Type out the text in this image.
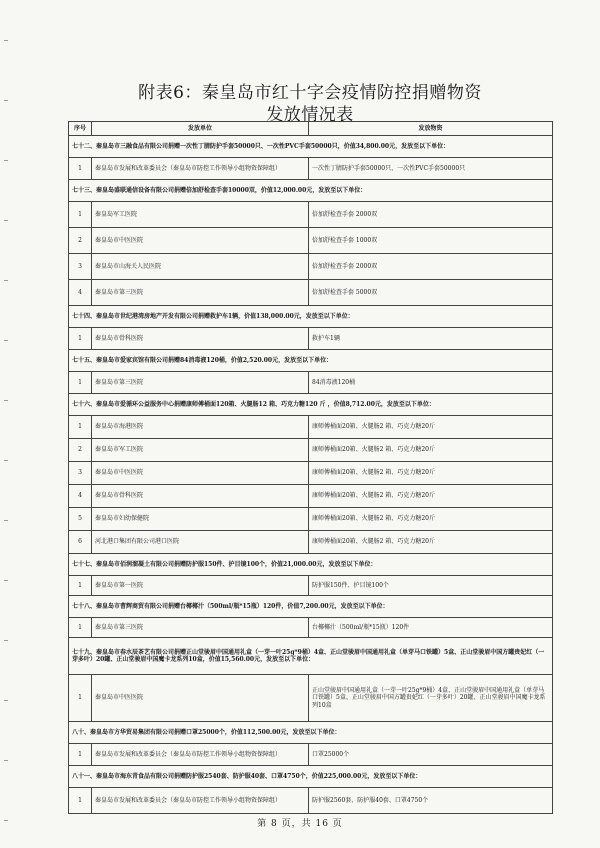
附表6：秦皇岛市红十字会疫情防控捐赠物资
发放情况表
序号	发放单位	发放物资
七十二、秦皇岛市三融食品有限公司捐赠一次性丁腈防护手套50000只、一次性PVC手套50000只，价值34,800.00元，发放至以下单位：		
1	秦皇岛市发展和改革委员会（秦皇岛市防控工作领导小组物资保障组）	一次性丁腈防护手套50000只、一次性PVC手套50000只
七十三、秦皇岛盛联通信设备有限公司捐赠倍加舒检查手套10000双，价值12,000.00元，发放至以下单位：		
1	秦皇岛军工医院	倍加舒检查手套 2000双
2	秦皇岛市中医医院	倍加舒检查手套 1000双
3	秦皇岛市山海关人民医院	倍加舒检查手套 2000双
4	秦皇岛市第三医院	倍加舒检查手套 5000双
七十四、秦皇岛市世纪港湾房地产开发有限公司捐赠救护车1辆，价值138,000.00元，发放至以下单位：		
1	秦皇岛市骨科医院	救护车1辆
七十五、秦皇岛市爱家宾馆有限公司捐赠84消毒液120桶，价值2,520.00元，发放至以下单位：		
1	秦皇岛市第三医院	84消毒液120桶
七十六、秦皇岛市爱循环公益服务中心捐赠康师傅桶面120箱、火腿肠12 箱、巧克力糖120 斤 ，价值8,712.00元，发放至以下单位：		
1	秦皇岛市海港医院	康师傅桶面20箱、火腿肠2 箱、巧克力糖20斤
2	秦皇岛市军工医院	康师傅桶面20箱、火腿肠2 箱、巧克力糖20斤
3	秦皇岛市中医医院	康师傅桶面20箱、火腿肠2 箱、巧克力糖20斤
4	秦皇岛市骨科医院	康师傅桶面20箱、火腿肠2 箱、巧克力糖20斤
5	秦皇岛市妇幼保健院	康师傅桶面20箱、火腿肠2 箱、巧克力糖20斤
6	河北港口集团有限公司港口医院	康师傅桶面20箱、火腿肠2 箱、巧克力糖20斤
七十七、秦皇岛市佰润溜凝土有限公司捐赠防护服150件、护目镜100个，价值21,000.00元，发放至以下单位：		
1	秦皇岛市第一医院	防护服150件、护目镜100个
七十八、秦皇岛市曹辉商贸有限公司捐赠台椰椰汁（500ml/瓶*15瓶）120件，价值7,200.00元，发放至以下单位：		
1	秦皇岛市第三医院	台椰椰汁（500ml/瓶*15瓶）120件
七十九、秦皇岛市春水辰茶艺有限公司捐赠正山堂骏眉中国通用礼盒（一芽一叶25g*9桶）4盒、正山堂骏眉中国通用礼盒（单芽马口铁罐）5盒、正山堂骏眉中国方罐贵妃红（一芽多叶）20罐、正山堂骏眉中国魔卡龙系列10盒，价值15,560.00元，发放至以下单位：		
1	秦皇岛市中医医院	正山堂骏眉中国通用礼盒（一芽一叶25g*9桶）4盒、正山堂骏眉中国通用礼盒（单芽马口铁罐）5盒、正山堂骏眉中国方罐贵妃红（一芽多叶）20罐、正山堂骏眉中国魔卡龙系列10盒
八十、秦皇岛市方华贸易集团有限公司捐赠口罩25000个，价值112,500.00元，发放至以下单位：		
1	秦皇岛市发展和改革委员会（秦皇岛市防控工作领导小组物资保障组）	口罩25000个
八十一、秦皇岛市海东青食品有限公司捐赠防护服2540套、防护服40套、口罩4750个，价值225,000.00元，发放至以下单位：		
1	秦皇岛市发展和改革委员会（秦皇岛市防控工作领导小组物资保障组）	防护服2560套、防护服40套、口罩4750个
第 8 页，共 16 页
